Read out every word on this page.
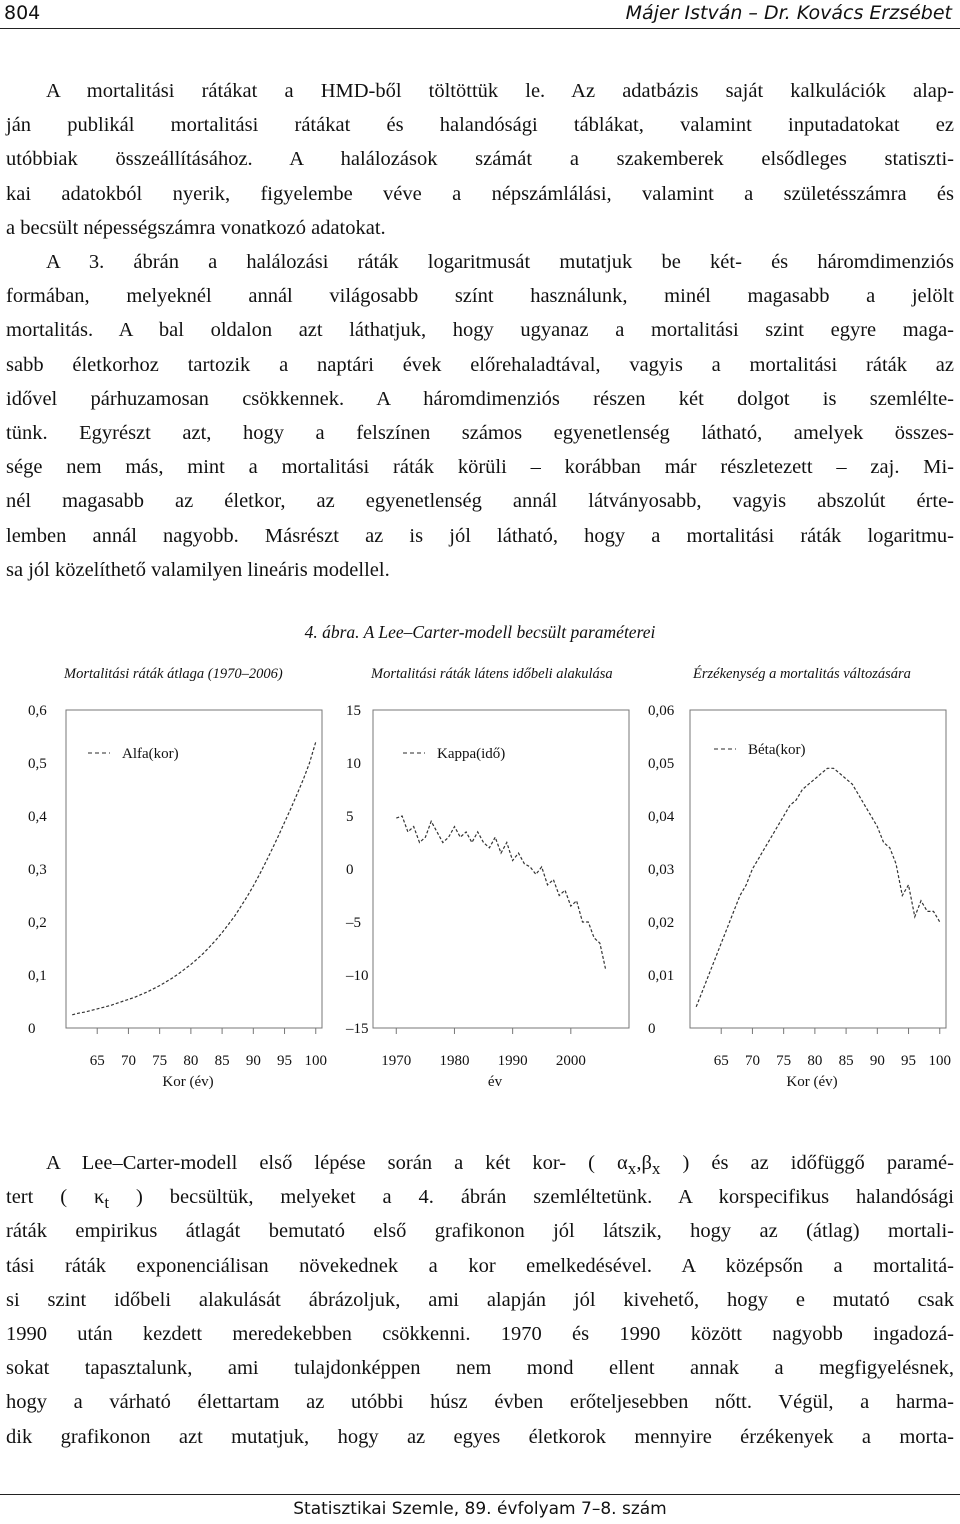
804	Májer István – Dr. Kovács Erzsébet
A mortalitási rátákat a HMD-ből töltöttük le. Az adatbázis saját kalkulációk alap-
ján publikál mortalitási rátákat és halandósági táblákat, valamint inputadatokat ez
utóbbiak összeállításához. A halálozások számát a szakemberek elsődleges statiszti-
kai adatokból nyerik, figyelembe véve a népszámlálási, valamint a születésszámra és
a becsült népességszámra vonatkozó adatokat.
A 3. ábrán a halálozási ráták logaritmusát mutatjuk be két- és háromdimenziós
formában, melyeknél annál világosabb színt használunk, minél magasabb a jelölt
mortalitás. A bal oldalon azt láthatjuk, hogy ugyanaz a mortalitási szint egyre maga-
sabb életkorhoz tartozik a naptári évek előrehaladtával, vagyis a mortalitási ráták az
idővel párhuzamosan csökkennek. A háromdimenziós részen két dolgot is szemlélte-
tünk. Egyrészt azt, hogy a felszínen számos egyenetlenség látható, amelyek összes-
sége nem más, mint a mortalitási ráták körüli – korábban már részletezett – zaj. Mi-
nél magasabb az életkor, az egyenetlenség annál látványosabb, vagyis abszolút érte-
lemben annál nagyobb. Másrészt az is jól látható, hogy a mortalitási ráták logaritmu-
sa jól közelíthető valamilyen lineáris modellel.
4. ábra. A Lee–Carter-modell becsült paraméterei
Mortalitási ráták átlaga (1970–2006)	Mortalitási ráták látens időbeli alakulása	Érzékenység a mortalitás változására
0
0,1
0,2
0,3
0,4
0,5
0,6
65 70 75 80 85 90 95 100
Kor (év)
Alfa(kor)
–15
–10
–5
0
5
10
15
1970 1980 1990 2000
év
Kappa(idő)
0
0,01
0,02
0,03
0,04
0,05
0,06
65 70 75 80 85 90 95 100
Kor (év)
Béta(kor)
A Lee–Carter-modell első lépése során a két kor- ( $\alpha_x,\beta_x$ ) és az időfüggő paramé-
tert ( $\kappa_t$ ) becsültük, melyeket a 4. ábrán szemléltetünk. A korspecifikus halandósági
ráták empirikus átlagát bemutató első grafikonon jól látszik, hogy az (átlag) mortali-
tási ráták exponenciálisan növekednek a kor emelkedésével. A középsőn a mortalitá-
si szint időbeli alakulását ábrázoljuk, ami alapján jól kivehető, hogy e mutató csak
1990 után kezdett meredekebben csökkenni. 1970 és 1990 között nagyobb ingadozá-
sokat tapasztalunk, ami tulajdonképpen nem mond ellent annak a megfigyelésnek,
hogy a várható élettartam az utóbbi húsz évben erőteljesebben nőtt. Végül, a harma-
dik grafikonon azt mutatjuk, hogy az egyes életkorok mennyire érzékenyek a morta-
Statisztikai Szemle, 89. évfolyam 7–8. szám
